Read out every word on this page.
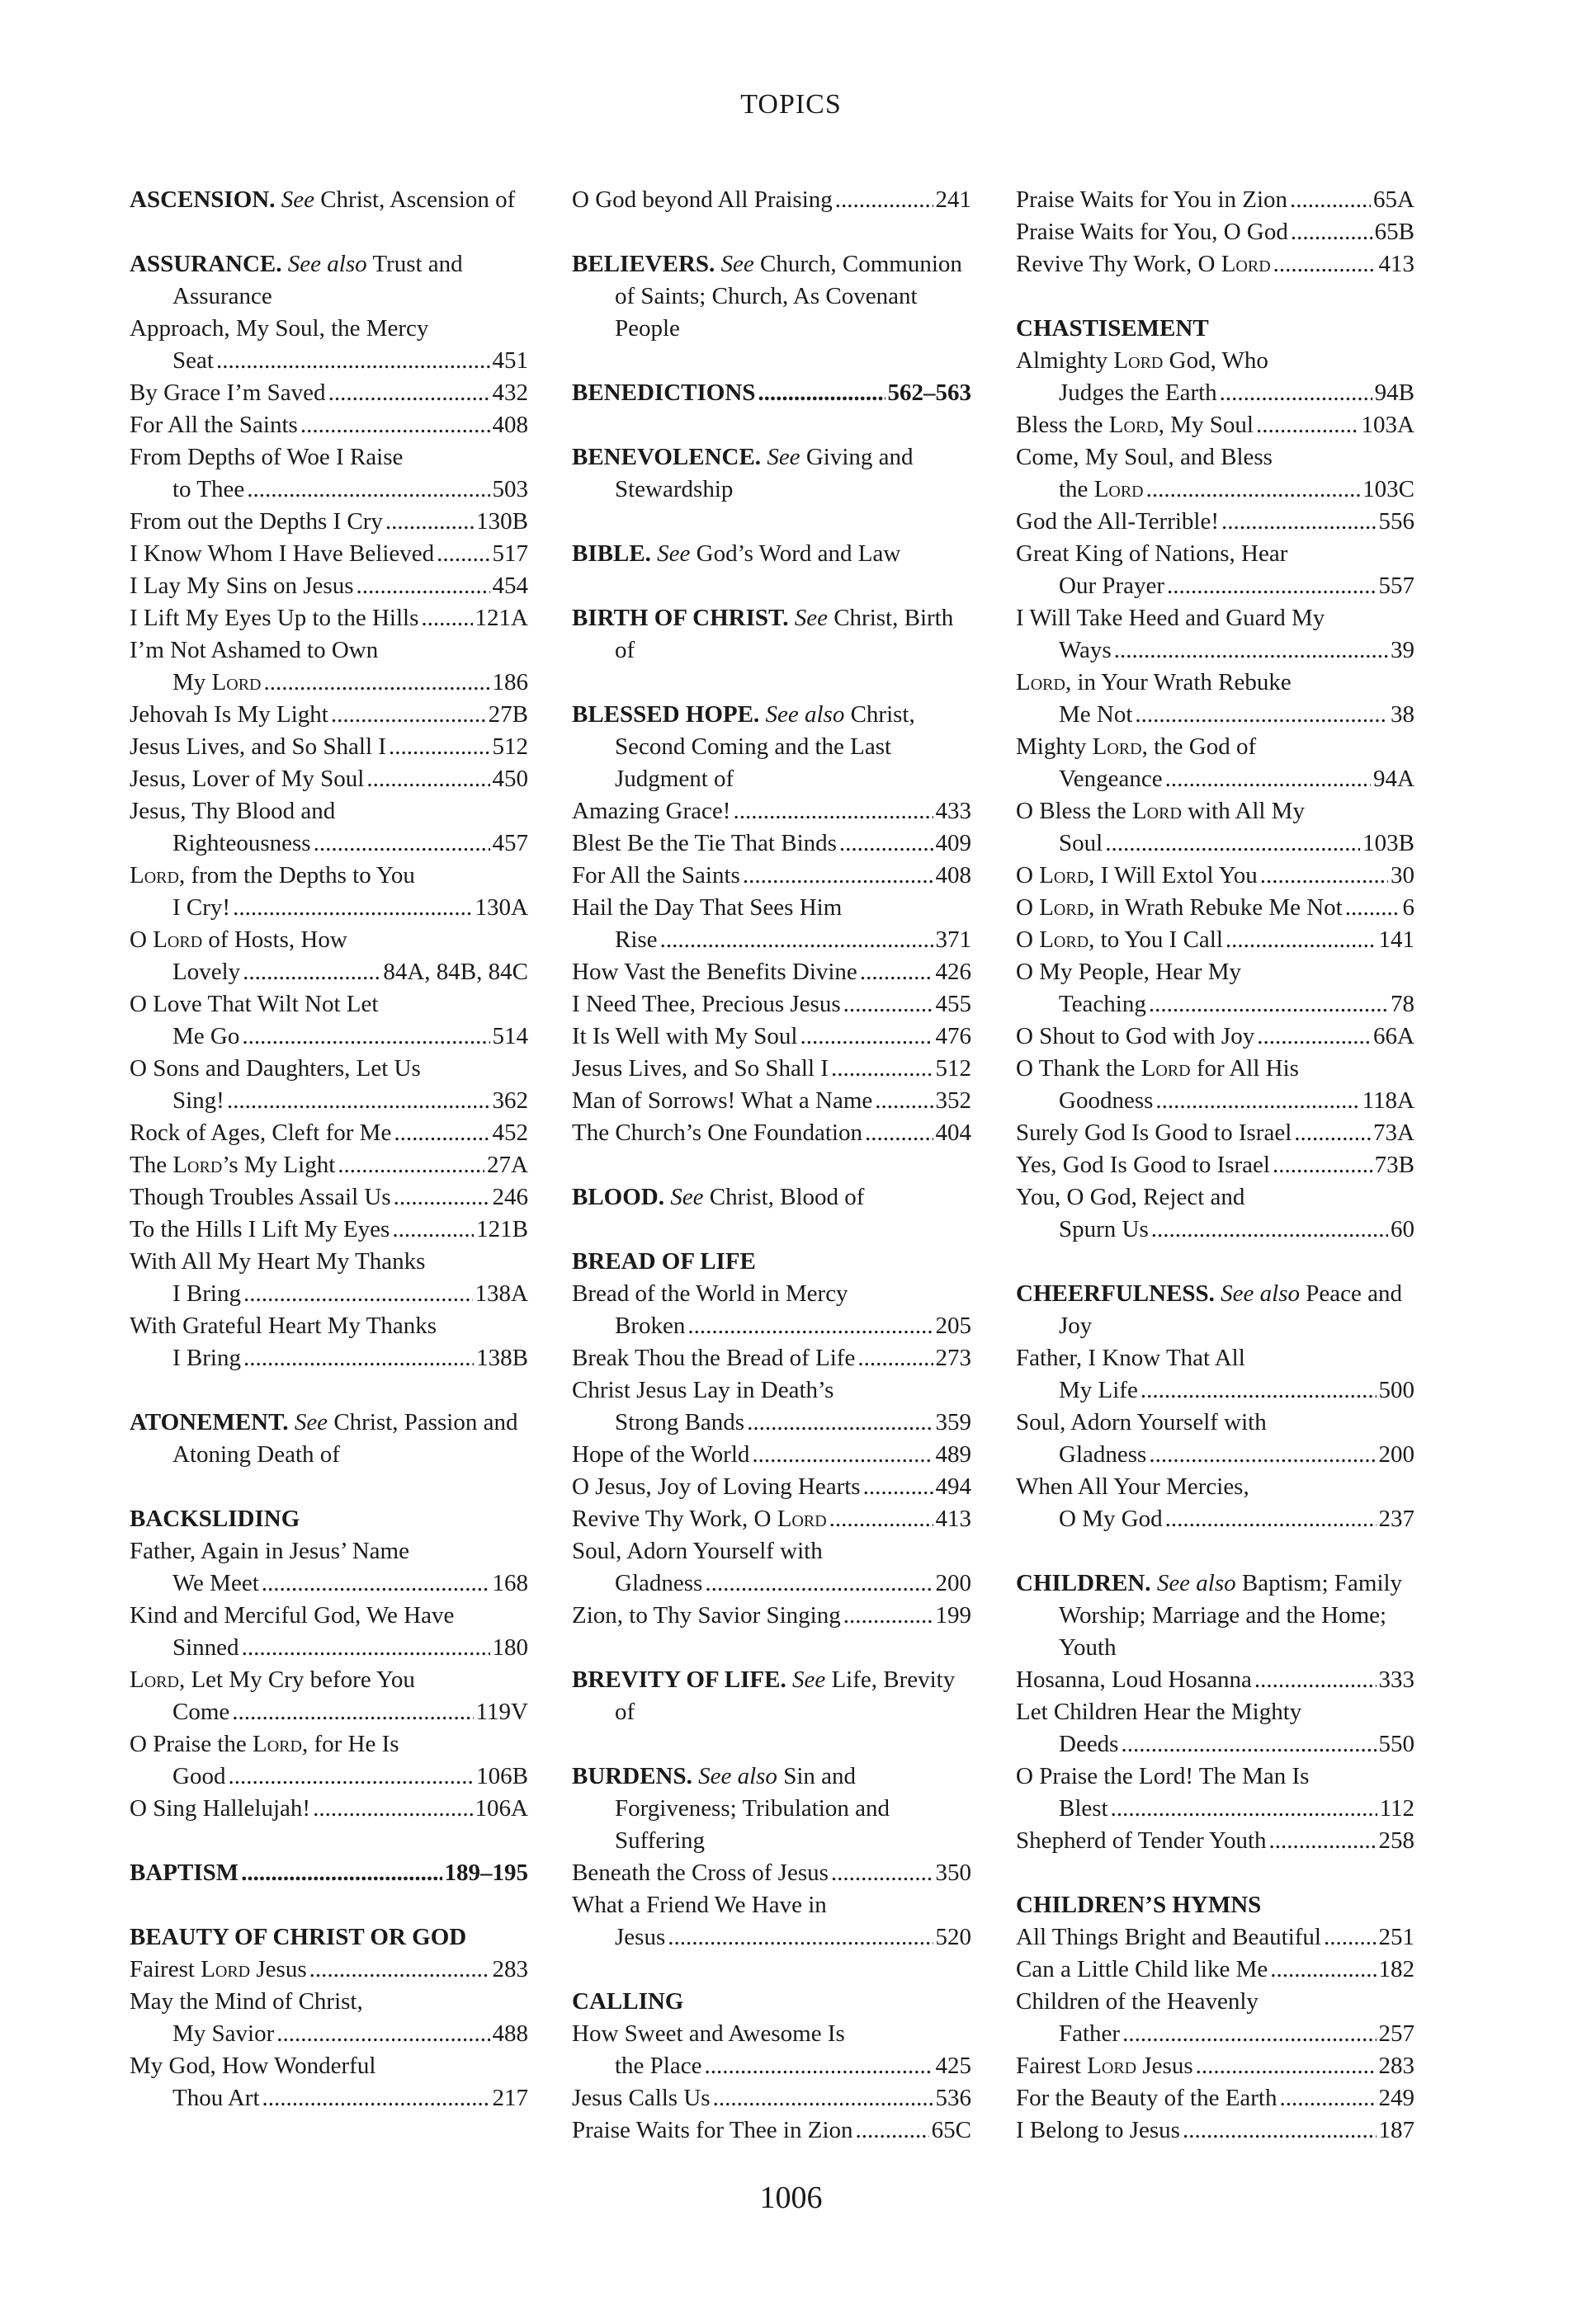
TOPICS
ASCENSION. See Christ, Ascension of
ASSURANCE. See also Trust and Assurance
Approach, My Soul, the Mercy
Seat .....	451
By Grace I’m Saved .....	432
For All the Saints .....	408
From Depths of Woe I Raise
to Thee .....	503
From out the Depths I Cry .....	130B
I Know Whom I Have Believed ..... 517
I Lay My Sins on Jesus .....	454
I Lift My Eyes Up to the Hills ..... 121A
I’m Not Ashamed to Own
My Lord .....	186
Jehovah Is My Light .....	27B
Jesus Lives, and So Shall I .....	512
Jesus, Lover of My Soul .....	450
Jesus, Thy Blood and
Righteousness .....	457
Lord, from the Depths to You
I Cry! .....	130A
O Lord of Hosts, How
Lovely .....	84A, 84B, 84C
O Love That Wilt Not Let
Me Go .....	514
O Sons and Daughters, Let Us
Sing! .....	362
Rock of Ages, Cleft for Me .....	452
The Lord’s My Light .....	27A
Though Troubles Assail Us .....	246
To the Hills I Lift My Eyes .....	121B
With All My Heart My Thanks
I Bring .....	138A
With Grateful Heart My Thanks
I Bring .....	138B
ATONEMENT. See Christ, Passion and Atoning Death of
BACKSLIDING
Father, Again in Jesus’ Name
We Meet .....	168
Kind and Merciful God, We Have
Sinned .....	180
Lord, Let My Cry before You
Come .....	119V
O Praise the Lord, for He Is
Good .....	106B
O Sing Hallelujah! .....	106A
BAPTISM .....	189–195
BEAUTY OF CHRIST OR GOD
Fairest Lord Jesus .....	283
May the Mind of Christ,
My Savior .....	488
My God, How Wonderful
Thou Art .....	217
O God beyond All Praising .....	241
BELIEVERS. See Church, Communion of Saints; Church, As Covenant People
BENEDICTIONS .....	562–563
BENEVOLENCE. See Giving and Stewardship
BIBLE. See God’s Word and Law
BIRTH OF CHRIST. See Christ, Birth of
BLESSED HOPE. See also Christ, Second Coming and the Last Judgment of
Amazing Grace! .....	433
Blest Be the Tie That Binds .....	409
For All the Saints .....	408
Hail the Day That Sees Him
Rise .....	371
How Vast the Benefits Divine .....	426
I Need Thee, Precious Jesus .....	455
It Is Well with My Soul .....	476
Jesus Lives, and So Shall I .....	512
Man of Sorrows! What a Name .....	352
The Church’s One Foundation .....	404
BLOOD. See Christ, Blood of
BREAD OF LIFE
Bread of the World in Mercy
Broken .....	205
Break Thou the Bread of Life .....	273
Christ Jesus Lay in Death’s
Strong Bands .....	359
Hope of the World .....	489
O Jesus, Joy of Loving Hearts .....	494
Revive Thy Work, O Lord .....	413
Soul, Adorn Yourself with
Gladness .....	200
Zion, to Thy Savior Singing .....	199
BREVITY OF LIFE. See Life, Brevity of
BURDENS. See also Sin and Forgiveness; Tribulation and Suffering
Beneath the Cross of Jesus .....	350
What a Friend We Have in
Jesus .....	520
CALLING
How Sweet and Awesome Is
the Place .....	425
Jesus Calls Us .....	536
Praise Waits for Thee in Zion .....	65C
Praise Waits for You in Zion .....	65A
Praise Waits for You, O God .....	65B
Revive Thy Work, O Lord .....	413
CHASTISEMENT
Almighty Lord God, Who
Judges the Earth .....	94B
Bless the Lord, My Soul .....	103A
Come, My Soul, and Bless
the Lord .....	103C
God the All-Terrible! .....	556
Great King of Nations, Hear
Our Prayer .....	557
I Will Take Heed and Guard My
Ways .....	39
Lord, in Your Wrath Rebuke
Me Not .....	38
Mighty Lord, the God of
Vengeance .....	94A
O Bless the Lord with All My
Soul .....	103B
O Lord, I Will Extol You .....	30
O Lord, in Wrath Rebuke Me Not .....	6
O Lord, to You I Call .....	141
O My People, Hear My
Teaching .....	78
O Shout to God with Joy .....	66A
O Thank the Lord for All His
Goodness .....	118A
Surely God Is Good to Israel .....	73A
Yes, God Is Good to Israel .....	73B
You, O God, Reject and
Spurn Us .....	60
CHEERFULNESS. See also Peace and Joy
Father, I Know That All
My Life .....	500
Soul, Adorn Yourself with
Gladness .....	200
When All Your Mercies,
O My God .....	237
CHILDREN. See also Baptism; Family Worship; Marriage and the Home; Youth
Hosanna, Loud Hosanna .....	333
Let Children Hear the Mighty
Deeds .....	550
O Praise the Lord! The Man Is
Blest .....	112
Shepherd of Tender Youth .....	258
CHILDREN’S HYMNS
All Things Bright and Beautiful ..... 251
Can a Little Child like Me .....	182
Children of the Heavenly
Father .....	257
Fairest Lord Jesus .....	283
For the Beauty of the Earth .....	249
I Belong to Jesus .....	187
1006
